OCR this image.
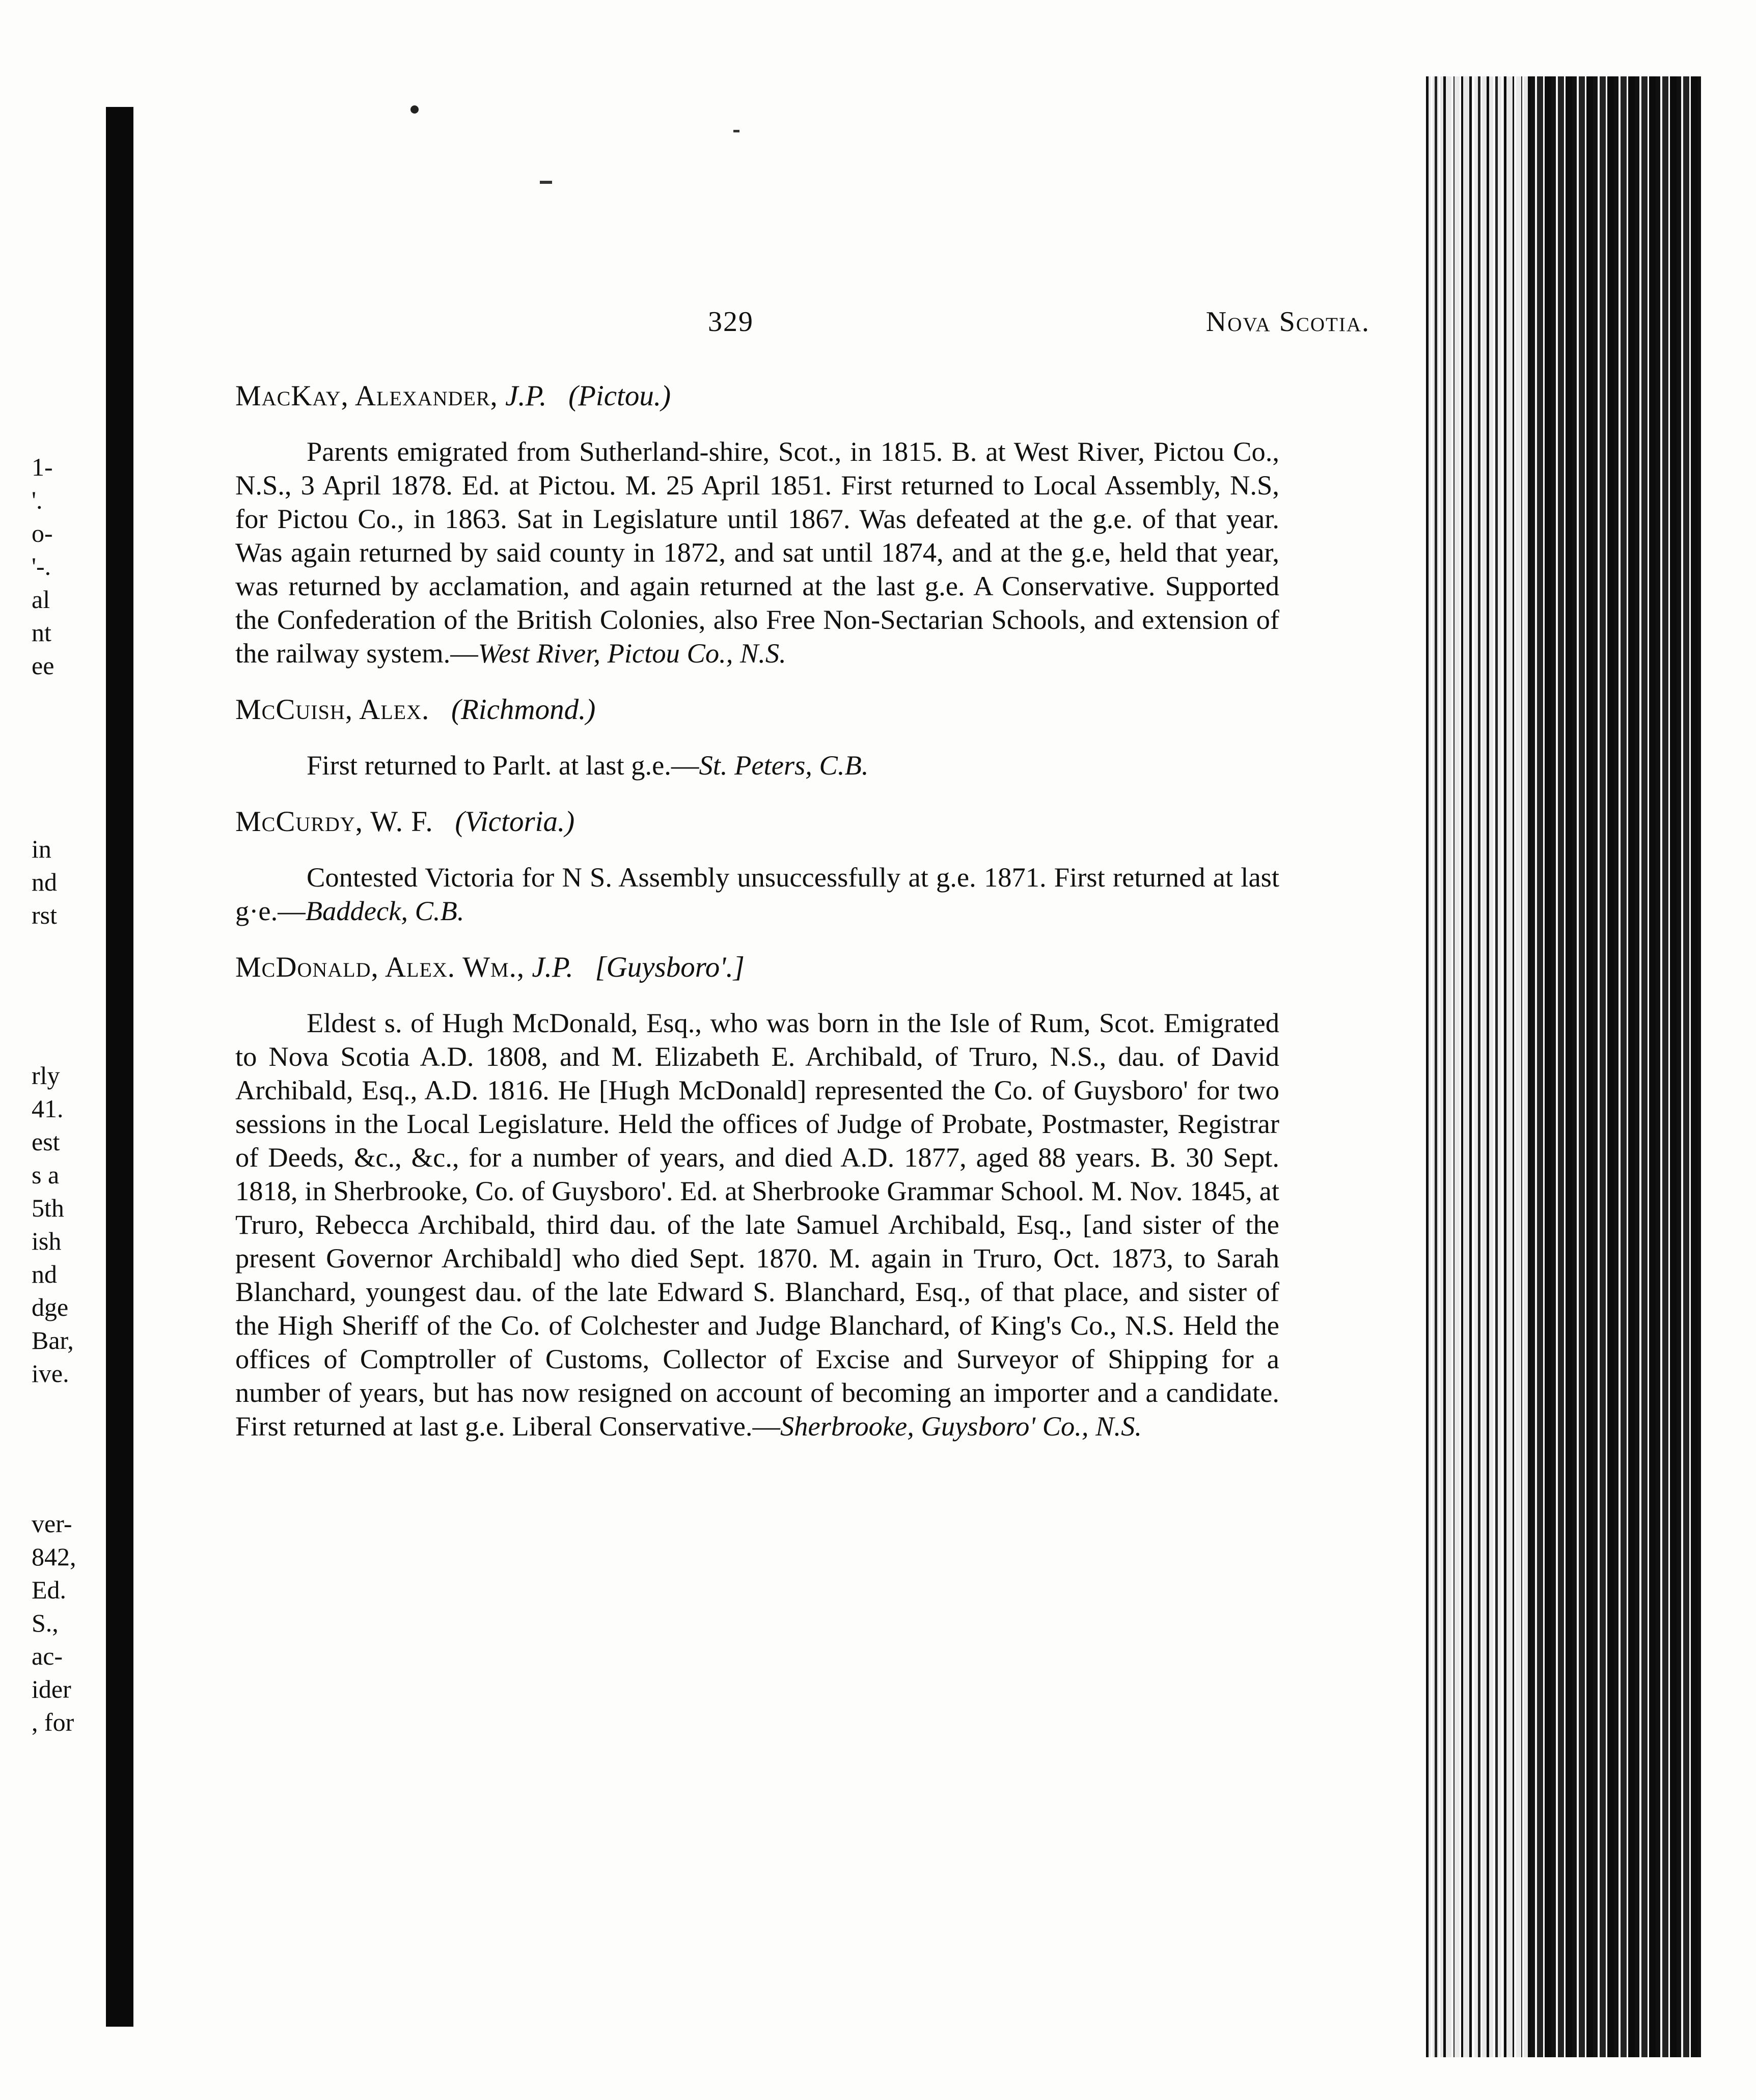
1-
'.
o-
'-.
al
nt
ee
in
nd
rst
rly
41.
est
s a
5th
ish
nd
dge
Bar,
ive.
ver-
842,
Ed.
S.,
ac-
ider
, for
329	Nova Scotia.
MacKay, Alexander, J.P. (Pictou.)

Parents emigrated from Sutherland-shire, Scot., in 1815. B. at West River, Pictou Co., N.S., 3 April 1878. Ed. at Pictou. M. 25 April 1851. First returned to Local Assembly, N.S, for Pictou Co., in 1863. Sat in Legislature until 1867. Was defeated at the g.e. of that year. Was again returned by said county in 1872, and sat until 1874, and at the g.e, held that year, was returned by acclamation, and again returned at the last g.e. A Conservative. Supported the Confederation of the British Colonies, also Free Non-Sectarian Schools, and extension of the railway system.—West River, Pictou Co., N.S.

McCuish, Alex. (Richmond.)

First returned to Parlt. at last g.e.—St. Peters, C.B.

McCurdy, W. F. (Victoria.)

Contested Victoria for N S. Assembly unsuccessfully at g.e. 1871. First returned at last g·e.—Baddeck, C.B.

McDonald, Alex. Wm., J.P. [Guysboro'.]

Eldest s. of Hugh McDonald, Esq., who was born in the Isle of Rum, Scot. Emigrated to Nova Scotia A.D. 1808, and M. Elizabeth E. Archibald, of Truro, N.S., dau. of David Archibald, Esq., A.D. 1816. He [Hugh McDonald] represented the Co. of Guysboro' for two sessions in the Local Legislature. Held the offices of Judge of Probate, Postmaster, Registrar of Deeds, &c., &c., for a number of years, and died A.D. 1877, aged 88 years. B. 30 Sept. 1818, in Sherbrooke, Co. of Guysboro'. Ed. at Sherbrooke Grammar School. M. Nov. 1845, at Truro, Rebecca Archibald, third dau. of the late Samuel Archibald, Esq., [and sister of the present Governor Archibald] who died Sept. 1870. M. again in Truro, Oct. 1873, to Sarah Blanchard, youngest dau. of the late Edward S. Blanchard, Esq., of that place, and sister of the High Sheriff of the Co. of Colchester and Judge Blanchard, of King's Co., N.S. Held the offices of Comptroller of Customs, Collector of Excise and Surveyor of Shipping for a number of years, but has now resigned on account of becoming an importer and a candidate. First returned at last g.e. Liberal Conservative.—Sherbrooke, Guysboro' Co., N.S.
